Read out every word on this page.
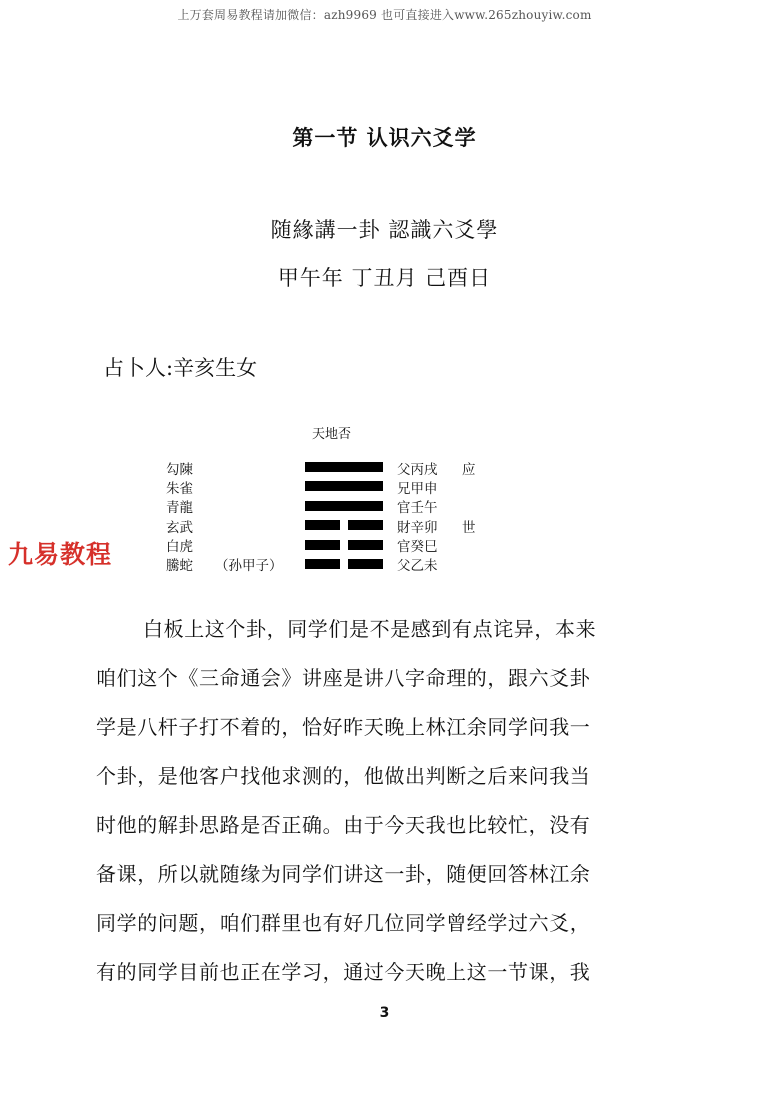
上万套周易教程请加微信：azh9969 也可直接进入www.265zhouyiw.com
第一节 认识六爻学
随緣講一卦 認識六爻學
甲午年 丁丑月 己酉日
占卜人:辛亥生女
天地否
勾陳
朱雀
青龍
玄武
白虎
騰蛇 （孙甲子）
父丙戌
兄甲申
官壬午
財辛卯
官癸巳
父乙未
应
世
九易教程
白板上这个卦，同学们是不是感到有点诧异，本来
咱们这个《三命通会》讲座是讲八字命理的，跟六爻卦
学是八杆子打不着的，恰好昨天晚上林江余同学问我一
个卦，是他客户找他求测的，他做出判断之后来问我当
时他的解卦思路是否正确。由于今天我也比较忙，没有
备课，所以就随缘为同学们讲这一卦，随便回答林江余
同学的问题，咱们群里也有好几位同学曾经学过六爻，
有的同学目前也正在学习，通过今天晚上这一节课，我
3
